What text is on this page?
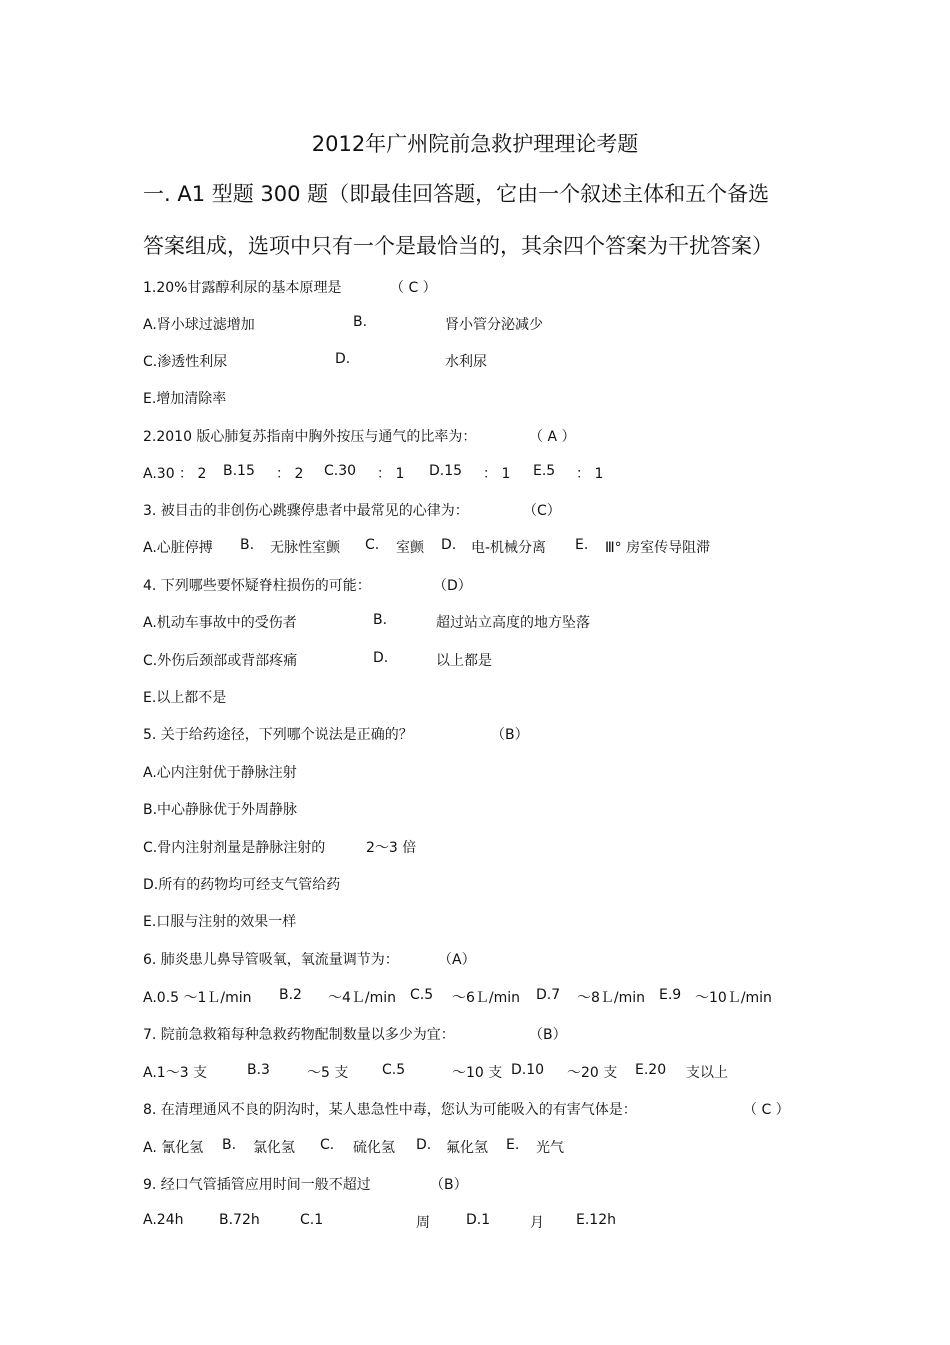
2012年广州院前急救护理理论考题
一. A1 型题 300 题（即最佳回答题，它由一个叙述主体和五个备选
答案组成，选项中只有一个是最恰当的，其余四个答案为干扰答案）
1.20%甘露醇利尿的基本原理是	（ C ）
A.肾小球过滤增加	B.	肾小管分泌减少
C.渗透性利尿	D.	水利尿
E.增加清除率
2.2010 版心肺复苏指南中胸外按压与通气的比率为：	（ A ）
A.30 ： 2 B.15 ： 2 C.30 ： 1 D.15 ： 1 E.5 ： 1
3. 被目击的非创伤心跳骤停患者中最常见的心律为：	（C）
A.心脏停搏 B. 无脉性室颤 C. 室颤 D. 电-机械分离 E. Ⅲ° 房室传导阻滞
4. 下列哪些要怀疑脊柱损伤的可能：	（D）
A.机动车事故中的受伤者	B.	超过站立高度的地方坠落
C.外伤后颈部或背部疼痛	D.	以上都是
E.以上都不是
5. 关于给药途径，下列哪个说法是正确的？	（B）
A.心内注射优于静脉注射
B.中心静脉优于外周静脉
C.骨内注射剂量是静脉注射的	2～3 倍
D.所有的药物均可经支气管给药
E.口服与注射的效果一样
6. 肺炎患儿鼻导管吸氧，氧流量调节为：	（A）
A.0.5 ～1Ｌ/min B.2 ～4Ｌ/min C.5 ～6Ｌ/min D.7 ～8Ｌ/min E.9 ～10Ｌ/min
7. 院前急救箱每种急救药物配制数量以多少为宜：	（B）
A.1～3 支	B.3	～5 支 C.5	～10 支 D.10 ～20 支 E.20 支以上
8. 在清理通风不良的阴沟时，某人患急性中毒，您认为可能吸入的有害气体是：	（ C ）
A. 氰化氢 B. 氯化氢 C. 硫化氢 D. 氟化氢 E. 光气
9. 经口气管插管应用时间一般不超过	（B）
A.24h	B.72h	C.1	周	D.1	月 E.12h
